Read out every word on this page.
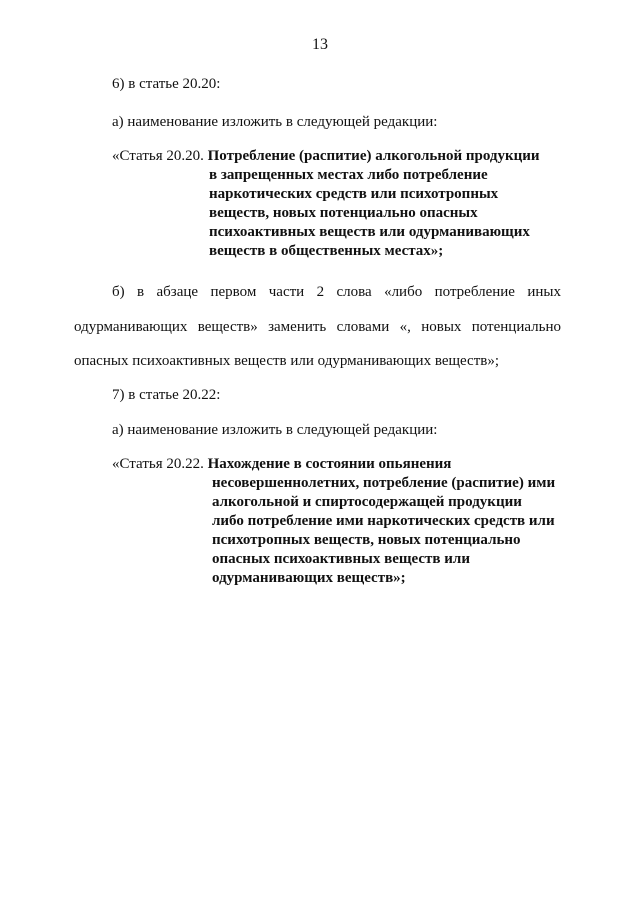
13
6) в статье 20.20:
а) наименование изложить в следующей редакции:
«Статья 20.20. Потребление (распитие) алкогольной продукции
в запрещенных местах либо потребление
наркотических средств или психотропных
веществ, новых потенциально опасных
психоактивных веществ или одурманивающих
веществ в общественных местах»;
б) в абзаце первом части 2 слова «либо потребление иных
одурманивающих веществ» заменить словами «, новых потенциально
опасных психоактивных веществ или одурманивающих веществ»;
7) в статье 20.22:
а) наименование изложить в следующей редакции:
«Статья 20.22. Нахождение в состоянии опьянения
несовершеннолетних, потребление (распитие) ими
алкогольной и спиртосодержащей продукции
либо потребление ими наркотических средств или
психотропных веществ, новых потенциально
опасных психоактивных веществ или
одурманивающих веществ»;
